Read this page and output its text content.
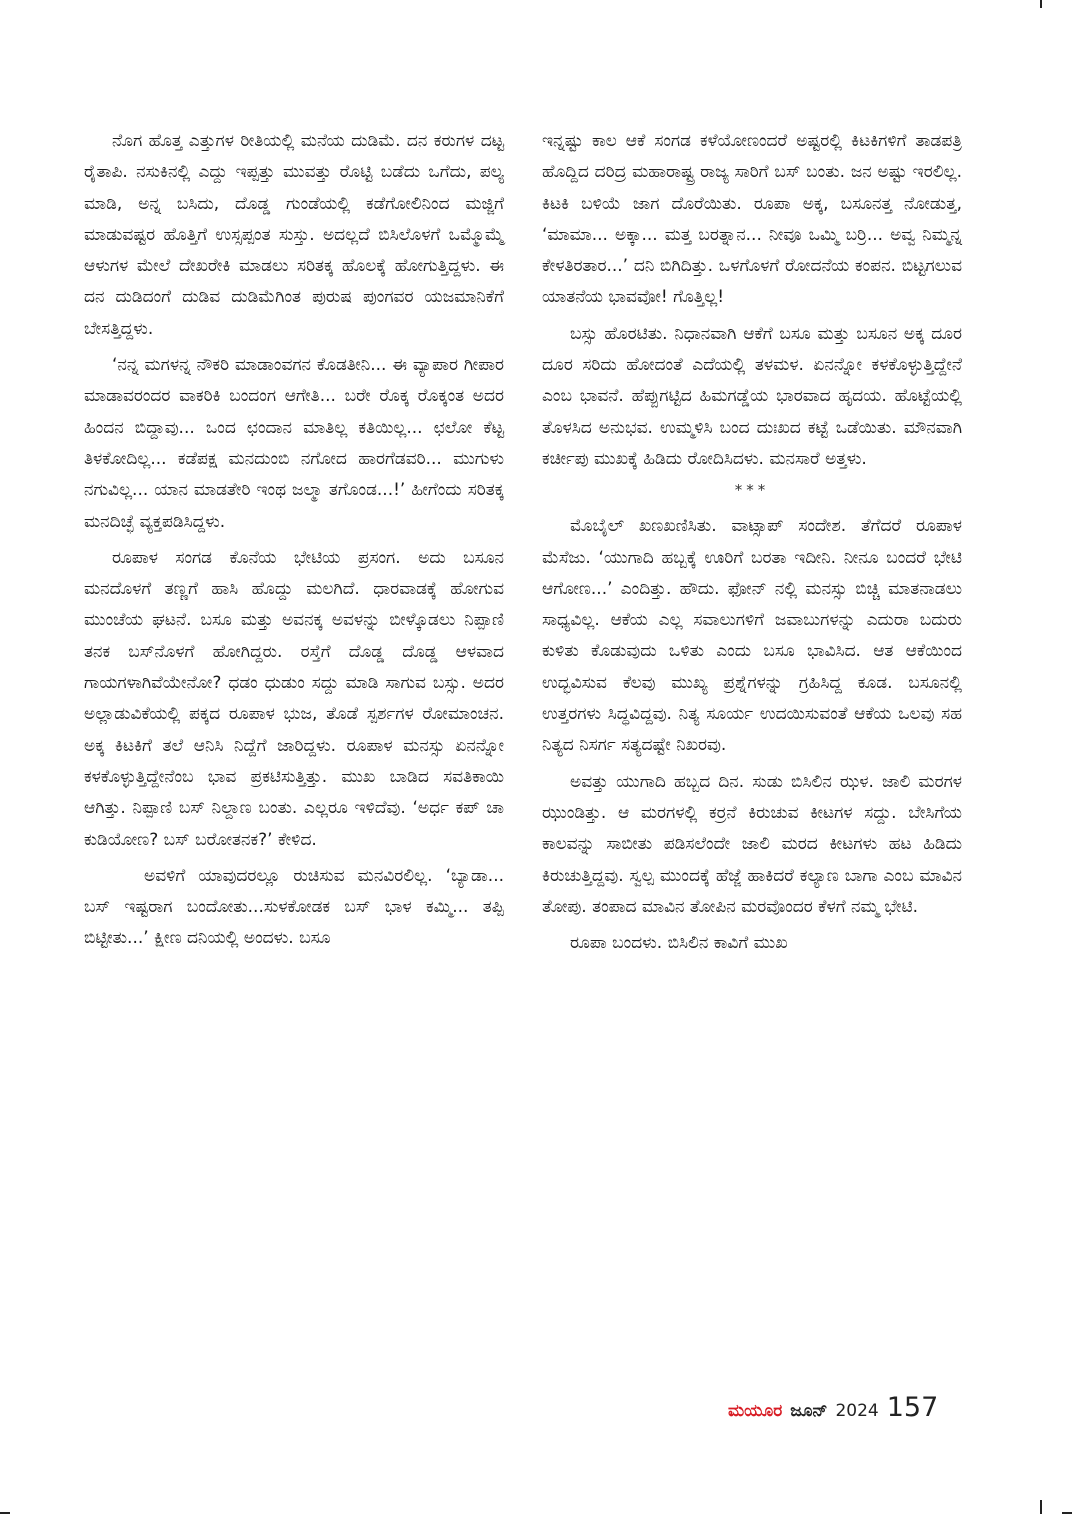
ನೊಗ ಹೊತ್ತ ಎತ್ತುಗಳ ರೀತಿಯಲ್ಲಿ ಮನೆಯ ದುಡಿಮೆ. ದನ ಕರುಗಳ ದಟ್ಟ ರೈತಾಪಿ. ನಸುಕಿನಲ್ಲಿ ಎದ್ದು ಇಪ್ಪತ್ತು ಮುವತ್ತು ರೊಟ್ಟಿ ಬಡೆದು ಒಗೆದು, ಪಲ್ಯ ಮಾಡಿ, ಅನ್ನ ಬಸಿದು, ದೊಡ್ಡ ಗುಂಡೆಯಲ್ಲಿ ಕಡೆಗೋಲಿನಿಂದ ಮಜ್ಜಿಗೆ ಮಾಡುವಷ್ಟರ ಹೊತ್ತಿಗೆ ಉಸ್ಸಪ್ಪಂತ ಸುಸ್ತು. ಅದಲ್ಲದೆ ಬಿಸಿಲೊಳಗೆ ಒಮ್ಮೊಮ್ಮೆ ಆಳುಗಳ ಮೇಲೆ ದೇಖರೇಕಿ ಮಾಡಲು ಸರಿತಕ್ಕ ಹೊಲಕ್ಕೆ ಹೋಗುತ್ತಿದ್ದಳು. ಈ ದನ ದುಡಿದಂಗೆ ದುಡಿವ ದುಡಿಮೆಗಿಂತ ಪುರುಷ ಪುಂಗವರ ಯಜಮಾನಿಕೆಗೆ ಬೇಸತ್ತಿದ್ದಳು.

‘ನನ್ನ ಮಗಳನ್ನ ನೌಕರಿ ಮಾಡಾಂವಗನ ಕೊಡತೀನಿ... ಈ ವ್ಯಾಪಾರ ಗೀಪಾರ ಮಾಡಾವರಂದರ ವಾಕರಿಕಿ ಬಂದಂಗ ಆಗೇತಿ... ಬರೇ ರೊಕ್ಕ ರೊಕ್ಕಂತ ಅದರ ಹಿಂದನ ಬಿದ್ದಾವು... ಒಂದ ಛಂದಾನ ಮಾತಿಲ್ಲ ಕತಿಯಿಲ್ಲ... ಛಲೋ ಕೆಟ್ಟ ತಿಳಕೋದಿಲ್ಲ... ಕಡೆಪಕ್ಷ ಮನದುಂಬಿ ನಗೋದ ಹಾರಗೆಡವರಿ... ಮುಗುಳು ನಗುವಿಲ್ಲ... ಯಾನ ಮಾಡತೇರಿ ಇಂಥ ಜಲ್ಮಾ ತಗೊಂಡ...!’ ಹೀಗೆಂದು ಸರಿತಕ್ಕ ಮನದಿಚ್ಛೆ ವ್ಯಕ್ತಪಡಿಸಿದ್ದಳು.

ರೂಪಾಳ ಸಂಗಡ ಕೊನೆಯ ಭೇಟಿಯ ಪ್ರಸಂಗ. ಅದು ಬಸೂನ ಮನದೊಳಗೆ ತಣ್ಣಗೆ ಹಾಸಿ ಹೊದ್ದು ಮಲಗಿದೆ. ಧಾರವಾಡಕ್ಕೆ ಹೋಗುವ ಮುಂಚೆಯ ಘಟನೆ. ಬಸೂ ಮತ್ತು ಅವನಕ್ಕ ಅವಳನ್ನು ಬೀಳ್ಕೊಡಲು ನಿಪ್ಪಾಣಿ ತನಕ ಬಸ್‌ನೊಳಗೆ ಹೋಗಿದ್ದರು. ರಸ್ತೆಗೆ ದೊಡ್ಡ ದೊಡ್ಡ ಆಳವಾದ ಗಾಯಗಳಾಗಿವೆಯೇನೋ? ಧಡಂ ಧುಡುಂ ಸದ್ದು ಮಾಡಿ ಸಾಗುವ ಬಸ್ಸು. ಅದರ ಅಲ್ಲಾಡುವಿಕೆಯಲ್ಲಿ ಪಕ್ಕದ ರೂಪಾಳ ಭುಜ, ತೊಡೆ ಸ್ಪರ್ಶಗಳ ರೋಮಾಂಚನ. ಅಕ್ಕ ಕಿಟಕಿಗೆ ತಲೆ ಆನಿಸಿ ನಿದ್ದೆಗೆ ಜಾರಿದ್ದಳು. ರೂಪಾಳ ಮನಸ್ಸು ಏನನ್ನೋ ಕಳಕೊಳ್ಳುತ್ತಿದ್ದೇನೆಂಬ ಭಾವ ಪ್ರಕಟಿಸುತ್ತಿತ್ತು. ಮುಖ ಬಾಡಿದ ಸವತಿಕಾಯಿ ಆಗಿತ್ತು. ನಿಪ್ಪಾಣಿ ಬಸ್ ನಿಲ್ದಾಣ ಬಂತು. ಎಲ್ಲರೂ ಇಳಿದೆವು. ‘ಅರ್ಧ ಕಪ್ ಚಾ ಕುಡಿಯೋಣ? ಬಸ್ ಬರೋತನಕ?’ ಕೇಳಿದ.

ಅವಳಿಗೆ ಯಾವುದರಲ್ಲೂ ರುಚಿಸುವ ಮನವಿರಲಿಲ್ಲ. ‘ಬ್ಯಾಡಾ... ಬಸ್ ಇಷ್ಟರಾಗ ಬಂದೋತು...ಸುಳಕೋಡಕ ಬಸ್ ಭಾಳ ಕಮ್ಮಿ... ತಪ್ಪಿ ಬಿಟ್ಟೀತು...’ ಕ್ಷೀಣ ದನಿಯಲ್ಲಿ ಅಂದಳು. ಬಸೂ

ಇನ್ನಷ್ಟು ಕಾಲ ಆಕೆ ಸಂಗಡ ಕಳೆಯೋಣಂದರೆ ಅಷ್ಟರಲ್ಲಿ ಕಿಟಕಿಗಳಿಗೆ ತಾಡಪತ್ರಿ ಹೊದ್ದಿದ ದರಿದ್ರ ಮಹಾರಾಷ್ಟ್ರ ರಾಜ್ಯ ಸಾರಿಗೆ ಬಸ್ ಬಂತು. ಜನ ಅಷ್ಟು ಇರಲಿಲ್ಲ. ಕಿಟಕಿ ಬಳಿಯೆ ಜಾಗ ದೊರೆಯಿತು. ರೂಪಾ ಅಕ್ಕ, ಬಸೂನತ್ತ ನೋಡುತ್ತ, ‘ಮಾಮಾ... ಅಕ್ಕಾ... ಮತ್ತ ಬರತ್ನಾನ... ನೀವೂ ಒಮ್ಮಿ ಬರ್ರಿ... ಅವ್ವ ನಿಮ್ಮನ್ನ ಕೇಳತಿರತಾರ...’ ದನಿ ಬಿಗಿದಿತ್ತು. ಒಳಗೊಳಗೆ ರೋದನೆಯ ಕಂಪನ. ಬಿಟ್ಟಗಲುವ ಯಾತನೆಯ ಭಾವವೋ! ಗೊತ್ತಿಲ್ಲ!

ಬಸ್ಸು ಹೊರಟಿತು. ನಿಧಾನವಾಗಿ ಆಕೆಗೆ ಬಸೂ ಮತ್ತು ಬಸೂನ ಅಕ್ಕ ದೂರ ದೂರ ಸರಿದು ಹೋದಂತೆ ಎದೆಯಲ್ಲಿ ತಳಮಳ. ಏನನ್ನೋ ಕಳಕೊಳ್ಳುತ್ತಿದ್ದೇನೆ ಎಂಬ ಭಾವನೆ. ಹೆಪ್ಪುಗಟ್ಟಿದ ಹಿಮಗಡ್ಡೆಯ ಭಾರವಾದ ಹೃದಯ. ಹೊಟ್ಟೆಯಲ್ಲಿ ತೊಳಸಿದ ಅನುಭವ. ಉಮ್ಮಳಿಸಿ ಬಂದ ದುಃಖದ ಕಟ್ಟೆ ಒಡೆಯಿತು. ಮೌನವಾಗಿ ಕರ್ಚೀಪು ಮುಖಕ್ಕೆ ಹಿಡಿದು ರೋದಿಸಿದಳು. ಮನಸಾರೆ ಅತ್ತಳು.

***

ಮೊಬೈಲ್ ಖಣಖಣಿಸಿತು. ವಾಟ್ಸಾಪ್ ಸಂದೇಶ. ತೆಗೆದರೆ ರೂಪಾಳ ಮೆಸೆಜು. ‘ಯುಗಾದಿ ಹಬ್ಬಕ್ಕೆ ಊರಿಗೆ ಬರತಾ ಇದೀನಿ. ನೀನೂ ಬಂದರೆ ಭೇಟಿ ಆಗೋಣ...’ ಎಂದಿತ್ತು. ಹೌದು. ಫೋನ್ ನಲ್ಲಿ ಮನಸ್ಸು ಬಿಚ್ಚಿ ಮಾತನಾಡಲು ಸಾಧ್ಯವಿಲ್ಲ. ಆಕೆಯ ಎಲ್ಲ ಸವಾಲುಗಳಿಗೆ ಜವಾಬುಗಳನ್ನು ಎದುರಾ ಬದುರು ಕುಳಿತು ಕೊಡುವುದು ಒಳಿತು ಎಂದು ಬಸೂ ಭಾವಿಸಿದ. ಆತ ಆಕೆಯಿಂದ ಉದ್ಭವಿಸುವ ಕೆಲವು ಮುಖ್ಯ ಪ್ರಶ್ನೆಗಳನ್ನು ಗ್ರಹಿಸಿದ್ದ ಕೂಡ. ಬಸೂನಲ್ಲಿ ಉತ್ತರಗಳು ಸಿದ್ಧವಿದ್ದವು. ನಿತ್ಯ ಸೂರ್ಯ ಉದಯಿಸುವಂತೆ ಆಕೆಯ ಒಲವು ಸಹ ನಿತ್ಯದ ನಿಸರ್ಗ ಸತ್ಯದಷ್ಟೇ ನಿಖರವು.

ಅವತ್ತು ಯುಗಾದಿ ಹಬ್ಬದ ದಿನ. ಸುಡು ಬಿಸಿಲಿನ ಝಳ. ಜಾಲಿ ಮರಗಳ ಝುಂಡಿತ್ತು. ಆ ಮರಗಳಲ್ಲಿ ಕರ್ರನೆ ಕಿರುಚುವ ಕೀಟಗಳ ಸದ್ದು. ಬೇಸಿಗೆಯ ಕಾಲವನ್ನು ಸಾಬೀತು ಪಡಿಸಲೆಂದೇ ಜಾಲಿ ಮರದ ಕೀಟಗಳು ಹಟ ಹಿಡಿದು ಕಿರುಚುತ್ತಿದ್ದವು. ಸ್ವಲ್ಪ ಮುಂದಕ್ಕೆ ಹೆಜ್ಜೆ ಹಾಕಿದರೆ ಕಲ್ಯಾಣ ಬಾಗಾ ಎಂಬ ಮಾವಿನ ತೋಪು. ತಂಪಾದ ಮಾವಿನ ತೋಪಿನ ಮರವೊಂದರ ಕೆಳಗೆ ನಮ್ಮ ಭೇಟಿ.

ರೂಪಾ ಬಂದಳು. ಬಿಸಿಲಿನ ಕಾವಿಗೆ ಮುಖ

ಮಯೂರ ಜೂನ್ 2024 157
